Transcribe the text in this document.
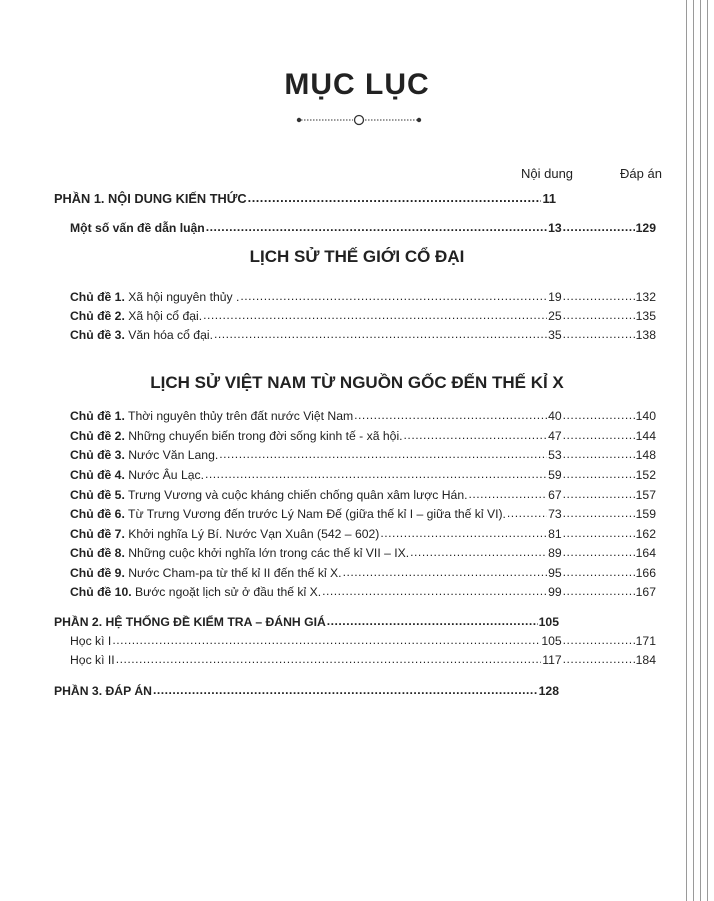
MỤC LỤC
Nội dung	Đáp án
PHẦN 1. NỘI DUNG KIẾN THỨC .....	11
Một số vấn đề dẫn luận .....	13 .....	129
LỊCH SỬ THẾ GIỚI CỔ ĐẠI
Chủ đề 1. Xã hội nguyên thủy . .....	19 .....	132
Chủ đề 2. Xã hội cổ đại. .....	25 .....	135
Chủ đề 3. Văn hóa cổ đại. .....	35 .....	138
LỊCH SỬ VIỆT NAM TỪ NGUỒN GỐC ĐẾN THẾ KỈ X
Chủ đề 1. Thời nguyên thủy trên đất nước Việt Nam .....	40 .....	140
Chủ đề 2. Những chuyển biến trong đời sống kinh tế - xã hội. .....	47 .....	144
Chủ đề 3. Nước Văn Lang. .....	53 .....	148
Chủ đề 4. Nước Âu Lạc. .....	59 .....	152
Chủ đề 5. Trưng Vương và cuộc kháng chiến chống quân xâm lược Hán. .....	67 .....	157
Chủ đề 6. Từ Trưng Vương đến trước Lý Nam Đế (giữa thế kỉ I – giữa thế kỉ VI). .....	73 .....	159
Chủ đề 7. Khởi nghĩa Lý Bí. Nước Vạn Xuân (542 – 602) .....	81 .....	162
Chủ đề 8. Những cuộc khởi nghĩa lớn trong các thế kỉ VII – IX. .....	89 .....	164
Chủ đề 9. Nước Cham-pa từ thế kỉ II đến thế kỉ X. .....	95 .....	166
Chủ đề 10. Bước ngoặt lịch sử ở đầu thế kỉ X. .....	99 .....	167
PHẦN 2. HỆ THỐNG ĐỀ KIỂM TRA – ĐÁNH GIÁ .....	105
Học kì I .....	105 .....	171
Học kì II .....	117 .....	184
PHẦN 3. ĐÁP ÁN .....	128
